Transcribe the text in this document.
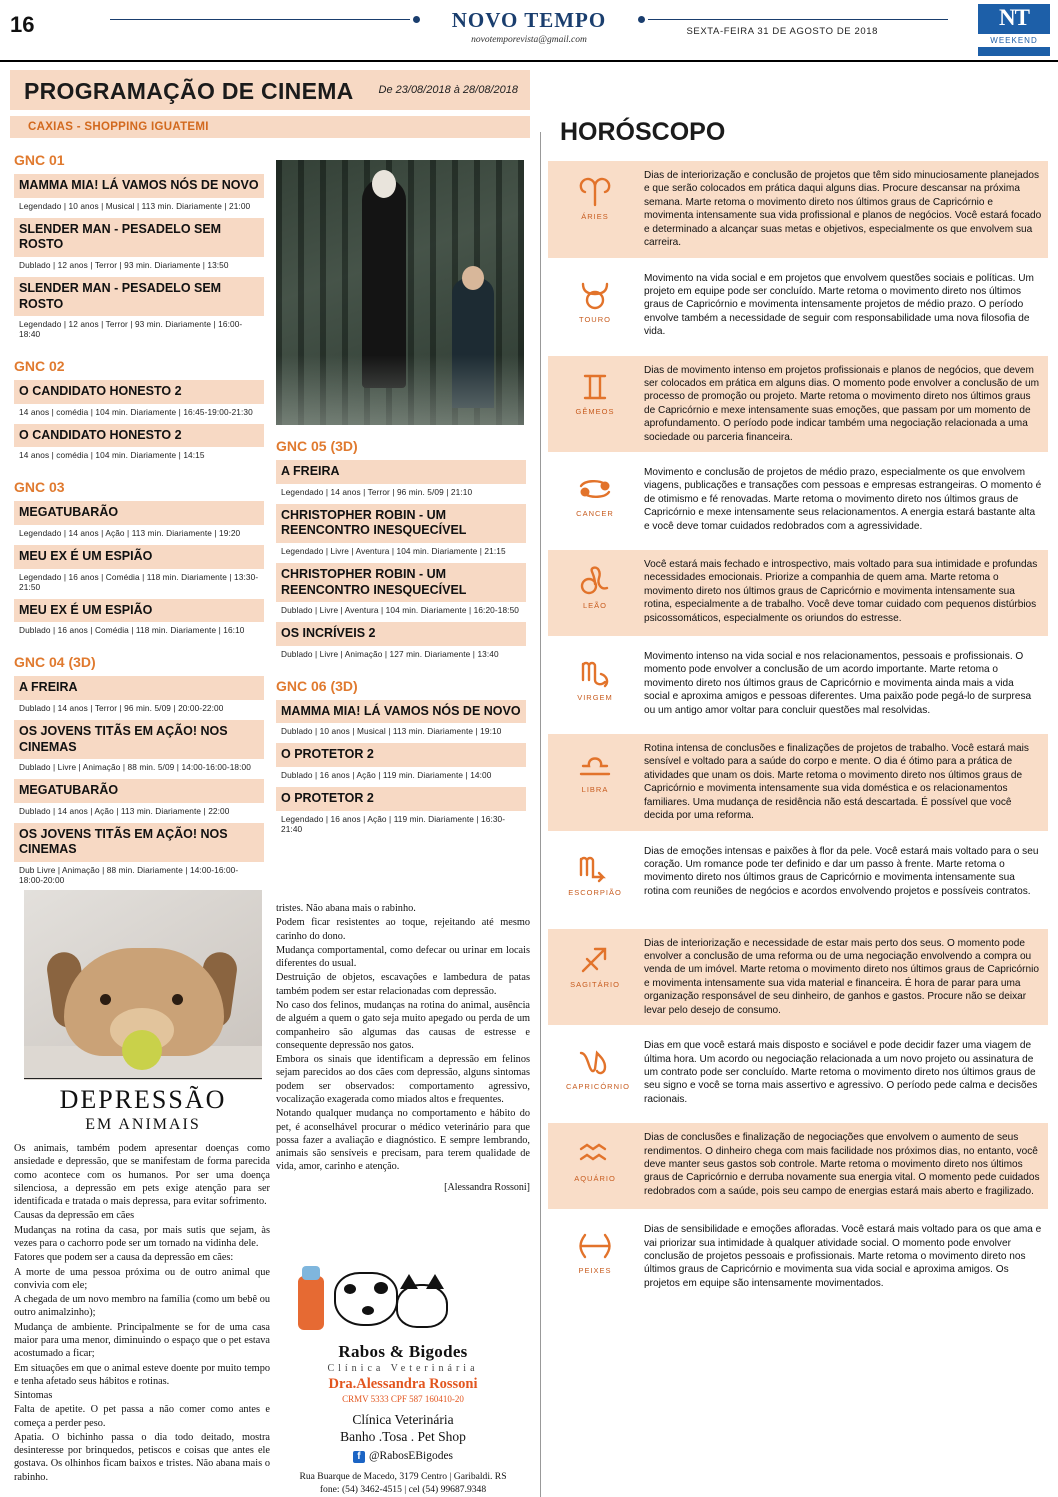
16	NOVO TEMPO
novotemporevista@gmail.com
SEXTA-FEIRA 31 DE AGOSTO DE 2018
NT
WEEKEND
PROGRAMAÇÃO DE CINEMA De 23/08/2018 à 28/08/2018
CAXIAS - SHOPPING IGUATEMI
GNC 01
MAMMA MIA! LÁ VAMOS NÓS DE NOVO
Legendado | 10 anos | Musical | 113 min. Diariamente | 21:00
SLENDER MAN - PESADELO SEM ROSTO
Dublado | 12 anos | Terror | 93 min. Diariamente | 13:50
SLENDER MAN - PESADELO SEM ROSTO
Legendado | 12 anos | Terror | 93 min. Diariamente | 16:00-18:40
GNC 02
O CANDIDATO HONESTO 2
14 anos | comédia | 104 min. Diariamente | 16:45-19:00-21:30
O CANDIDATO HONESTO 2
14 anos | comédia | 104 min. Diariamente | 14:15
GNC 03
MEGATUBARÃO
Legendado | 14 anos | Ação | 113 min. Diariamente | 19:20
MEU EX É UM ESPIÃO
Legendado | 16 anos | Comédia | 118 min. Diariamente | 13:30-21:50
MEU EX É UM ESPIÃO
Dublado | 16 anos | Comédia | 118 min. Diariamente | 16:10
GNC 04 (3D)
A FREIRA
Dublado | 14 anos | Terror | 96 min. 5/09 | 20:00-22:00
OS JOVENS TITÃS EM AÇÃO! NOS CINEMAS
Dublado | Livre | Animação | 88 min. 5/09 | 14:00-16:00-18:00
MEGATUBARÃO
Dublado | 14 anos | Ação | 113 min. Diariamente | 22:00
OS JOVENS TITÃS EM AÇÃO! NOS CINEMAS
Dub Livre | Animação | 88 min. Diariamente | 14:00-16:00-18:00-20:00
GNC 05 (3D)
A FREIRA
Legendado | 14 anos | Terror | 96 min. 5/09 | 21:10
CHRISTOPHER ROBIN - UM REENCONTRO INESQUECÍVEL
Legendado | Livre | Aventura | 104 min. Diariamente | 21:15
CHRISTOPHER ROBIN - UM REENCONTRO INESQUECÍVEL
Dublado | Livre | Aventura | 104 min. Diariamente | 16:20-18:50
OS INCRÍVEIS 2
Dublado | Livre | Animação | 127 min. Diariamente | 13:40
GNC 06 (3D)
MAMMA MIA! LÁ VAMOS NÓS DE NOVO
Dublado | 10 anos | Musical | 113 min. Diariamente | 19:10
O PROTETOR 2
Dublado | 16 anos | Ação | 119 min. Diariamente | 14:00
O PROTETOR 2
Legendado | 16 anos | Ação | 119 min. Diariamente | 16:30-21:40
DEPRESSÃO
EM ANIMAIS

Os animais, também podem apresentar doenças como ansiedade e depressão, que se manifestam de forma parecida como acontece com os humanos. Por ser uma doença silenciosa, a depressão em pets exige atenção para ser identificada e tratada o mais depressa, para evitar sofrimento.

Causas da depressão em cães

Mudanças na rotina da casa, por mais sutis que sejam, às vezes para o cachorro pode ser um tornado na vidinha dele.

Fatores que podem ser a causa da depressão em cães:

A morte de uma pessoa próxima ou de outro animal que convivia com ele;

A chegada de um novo membro na família (como um bebê ou outro animalzinho);

Mudança de ambiente. Principalmente se for de uma casa maior para uma menor, diminuindo o espaço que o pet estava acostumado a ficar;

Em situações em que o animal esteve doente por muito tempo e tenha afetado seus hábitos e rotinas.

Sintomas

Falta de apetite. O pet passa a não comer como antes e começa a perder peso.

Apatia. O bichinho passa o dia todo deitado, mostra desinteresse por brinquedos, petiscos e coisas que antes ele gostava. Os olhinhos ficam baixos e tristes. Não abana mais o rabinho.

tristes. Não abana mais o rabinho.

Podem ficar resistentes ao toque, rejeitando até mesmo carinho do dono.

Mudança comportamental, como defecar ou urinar em locais diferentes do usual.

Destruição de objetos, escavações e lambedura de patas também podem ser estar relacionadas com depressão.

No caso dos felinos, mudanças na rotina do animal, ausência de alguém a quem o gato seja muito apegado ou perda de um companheiro são algumas das causas de estresse e consequente depressão nos gatos.

Embora os sinais que identificam a depressão em felinos sejam parecidos ao dos cães com depressão, alguns sintomas podem ser observados: comportamento agressivo, vocalização exagerada como miados altos e frequentes.

Notando qualquer mudança no comportamento e hábito do pet, é aconselhável procurar o médico veterinário para que possa fazer a avaliação e diagnóstico. E sempre lembrando, animais são sensíveis e precisam, para terem qualidade de vida, amor, carinho e atenção.

[Alessandra Rossoni]
Rabos & Bigodes
Clínica Veterinária
Dra.Alessandra Rossoni
CRMV 5333 CPF 587 160410-20
Clínica Veterinária
Banho .Tosa . Pet Shop
f @RabosEBigodes
Rua Buarque de Macedo, 3179 Centro | Garibaldi. RS
fone: (54) 3462-4515 | cel (54) 99687.9348
HORÓSCOPO
ÁRIES
Dias de interiorização e conclusão de projetos que têm sido minuciosamente planejados e que serão colocados em prática daqui alguns dias. Procure descansar na próxima semana. Marte retoma o movimento direto nos últimos graus de Capricórnio e movimenta intensamente sua vida profissional e planos de negócios. Você estará focado e determinado a alcançar suas metas e objetivos, especialmente os que envolvem sua carreira.
TOURO
Movimento na vida social e em projetos que envolvem questões sociais e políticas. Um projeto em equipe pode ser concluído. Marte retoma o movimento direto nos últimos graus de Capricórnio e movimenta intensamente projetos de médio prazo. O período envolve também a necessidade de seguir com responsabilidade uma nova filosofia de vida.
GÊMEOS
Dias de movimento intenso em projetos profissionais e planos de negócios, que devem ser colocados em prática em alguns dias. O momento pode envolver a conclusão de um processo de promoção ou projeto. Marte retoma o movimento direto nos últimos graus de Capricórnio e mexe intensamente suas emoções, que passam por um momento de aprofundamento. O período pode indicar também uma negociação relacionada a uma sociedade ou parceria financeira.
CANCER
Movimento e conclusão de projetos de médio prazo, especialmente os que envolvem viagens, publicações e transações com pessoas e empresas estrangeiras. O momento é de otimismo e fé renovadas. Marte retoma o movimento direto nos últimos graus de Capricórnio e mexe intensamente seus relacionamentos. A energia estará bastante alta e você deve tomar cuidados redobrados com a agressividade.
LEÃO
Você estará mais fechado e introspectivo, mais voltado para sua intimidade e profundas necessidades emocionais. Priorize a companhia de quem ama. Marte retoma o movimento direto nos últimos graus de Capricórnio e movimenta intensamente sua rotina, especialmente a de trabalho. Você deve tomar cuidado com pequenos distúrbios psicossomáticos, especialmente os oriundos do estresse.
VIRGEM
Movimento intenso na vida social e nos relacionamentos, pessoais e profissionais. O momento pode envolver a conclusão de um acordo importante. Marte retoma o movimento direto nos últimos graus de Capricórnio e movimenta ainda mais a vida social e aproxima amigos e pessoas diferentes. Uma paixão pode pegá-lo de surpresa ou um antigo amor voltar para concluir questões mal resolvidas.
LIBRA
Rotina intensa de conclusões e finalizações de projetos de trabalho. Você estará mais sensível e voltado para a saúde do corpo e mente. O dia é ótimo para a prática de atividades que unam os dois. Marte retoma o movimento direto nos últimos graus de Capricórnio e movimenta intensamente sua vida doméstica e os relacionamentos familiares. Uma mudança de residência não está descartada. É possível que você decida por uma reforma.
ESCORPIÃO
Dias de emoções intensas e paixões à flor da pele. Você estará mais voltado para o seu coração. Um romance pode ter definido e dar um passo à frente. Marte retoma o movimento direto nos últimos graus de Capricórnio e movimenta intensamente sua rotina com reuniões de negócios e acordos envolvendo projetos e possíveis contratos.
SAGITÁRIO
Dias de interiorização e necessidade de estar mais perto dos seus. O momento pode envolver a conclusão de uma reforma ou de uma negociação envolvendo a compra ou venda de um imóvel. Marte retoma o movimento direto nos últimos graus de Capricórnio e movimenta intensamente sua vida material e financeira. É hora de parar para uma organização responsável de seu dinheiro, de ganhos e gastos. Procure não se deixar levar pelo desejo de consumo.
CAPRICÓRNIO
Dias em que você estará mais disposto e sociável e pode decidir fazer uma viagem de última hora. Um acordo ou negociação relacionada a um novo projeto ou assinatura de um contrato pode ser concluído. Marte retoma o movimento direto nos últimos graus de seu signo e você se torna mais assertivo e agressivo. O período pede calma e decisões racionais.
AQUÁRIO
Dias de conclusões e finalização de negociações que envolvem o aumento de seus rendimentos. O dinheiro chega com mais facilidade nos próximos dias, no entanto, você deve manter seus gastos sob controle. Marte retoma o movimento direto nos últimos graus de Capricórnio e derruba novamente sua energia vital. O momento pede cuidados redobrados com a saúde, pois seu campo de energias estará mais aberto e fragilizado.
PEIXES
Dias de sensibilidade e emoções afloradas. Você estará mais voltado para os que ama e vai priorizar sua intimidade à qualquer atividade social. O momento pode envolver conclusão de projetos pessoais e profissionais. Marte retoma o movimento direto nos últimos graus de Capricórnio e movimenta sua vida social e aproxima amigos. Os projetos em equipe são intensamente movimentados.
